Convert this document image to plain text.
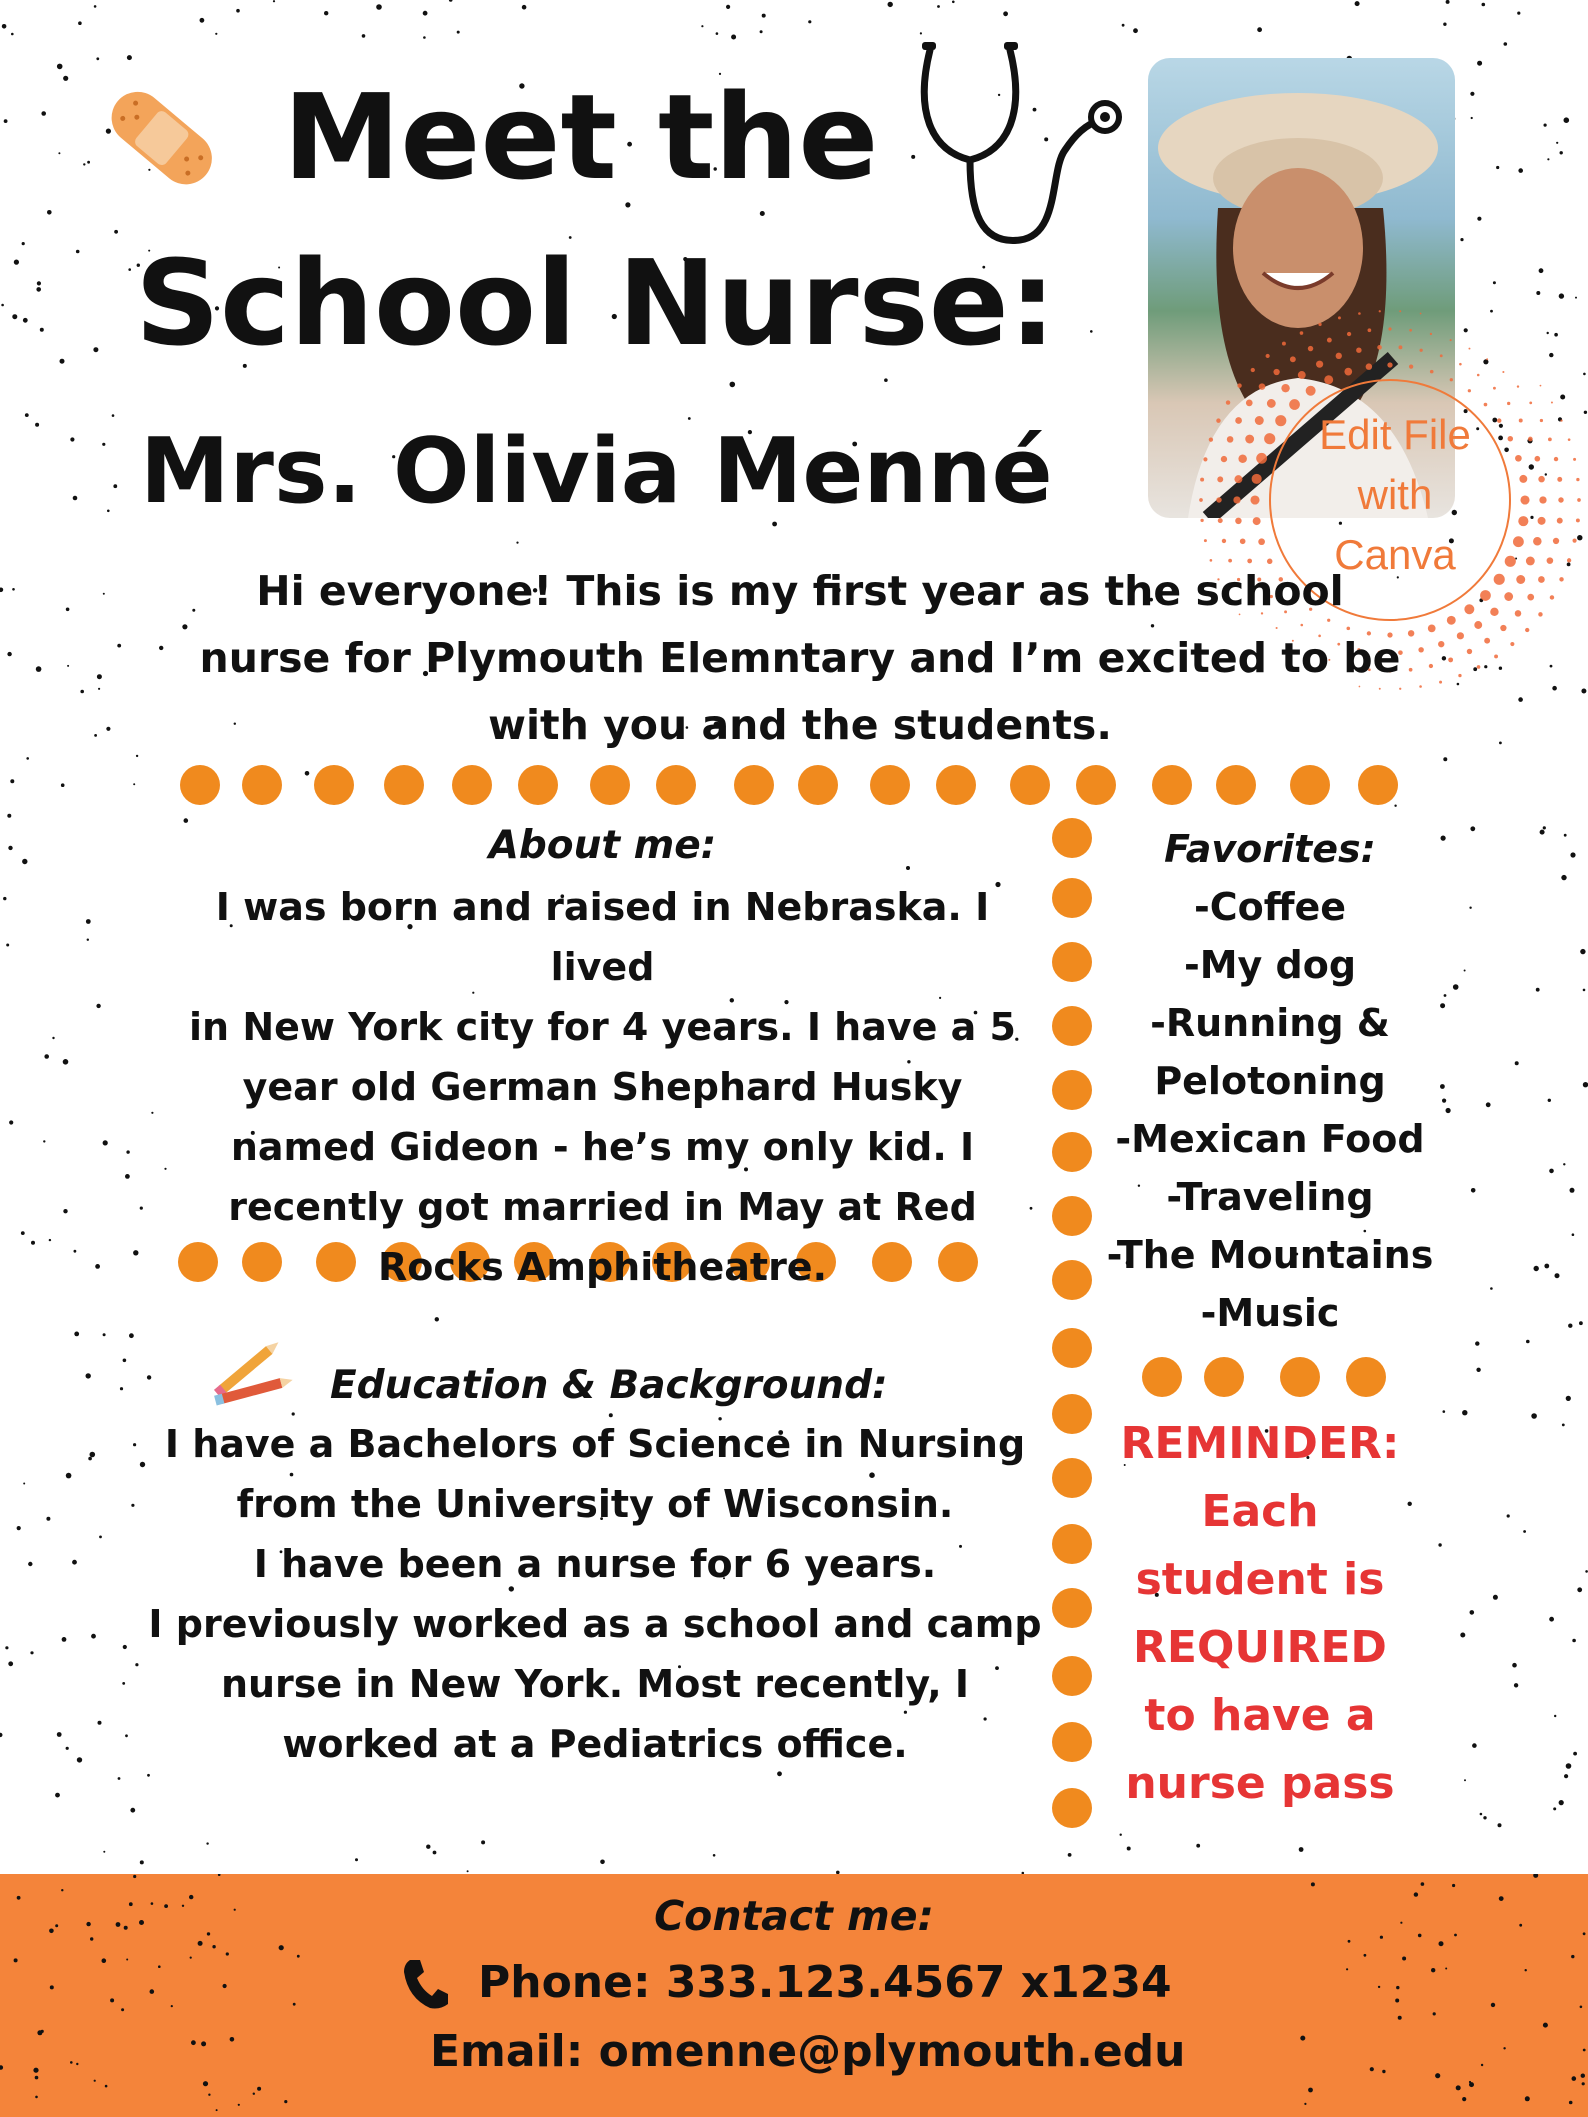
Meet the
School Nurse:
Mrs. Olivia Menné	Edit File
with
Canva
Hi everyone! This is my first year as the school
nurse for Plymouth Elemntary and I’m excited to be
with you and the students.
About me:
I was born and raised in Nebraska. I lived
in New York city for 4 years. I have a 5
year old German Shephard Husky
named Gideon - he’s my only kid. I
recently got married in May at Red
Rocks Amphitheatre.
Education & Background:
I have a Bachelors of Science in Nursing
from the University of Wisconsin.
I have been a nurse for 6 years.
I previously worked as a school and camp
nurse in New York. Most recently, I
worked at a Pediatrics office.
Favorites:
-Coffee
-My dog
-Running &
Pelotoning
-Mexican Food
-Traveling
-The Mountains
-Music
REMINDER:
Each
student is
REQUIRED
to have a
nurse pass
Contact me:
Phone: 333.123.4567 x1234
Email: omenne@plymouth.edu
